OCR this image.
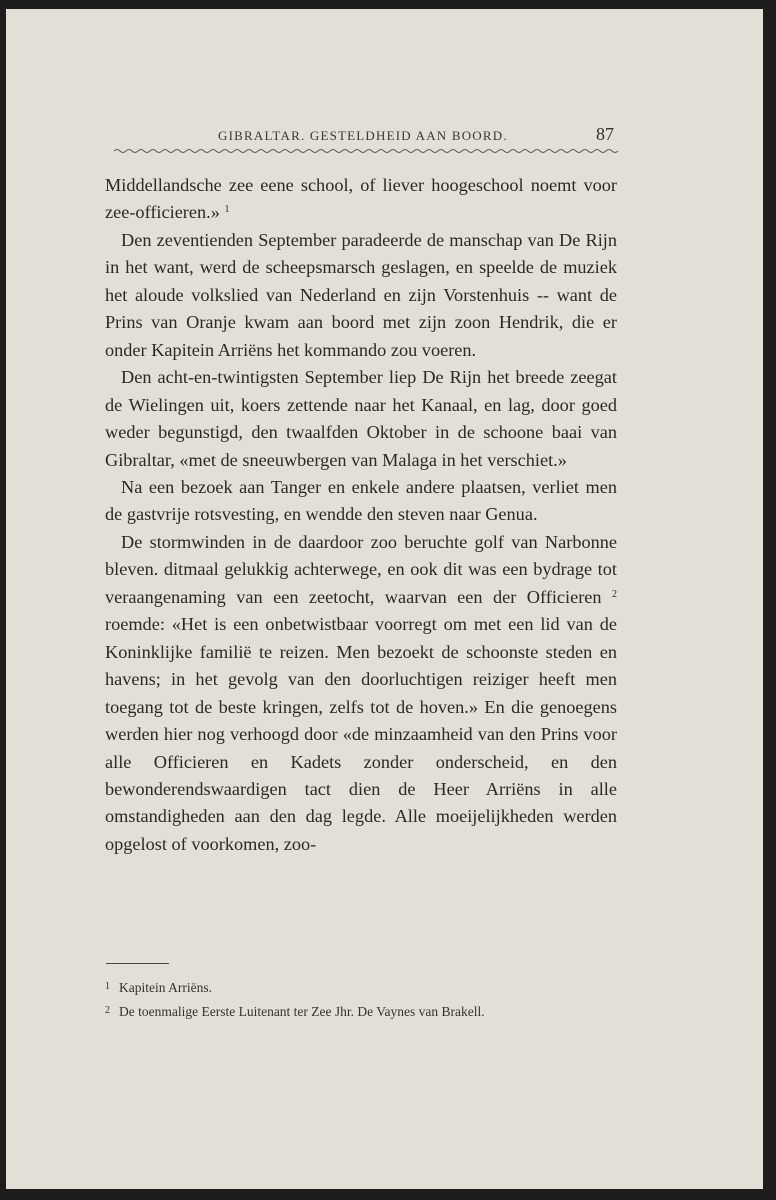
GIBRALTAR. GESTELDHEID AAN BOORD.	87

Middellandsche zee eene school, of liever hoogeschool noemt voor zee-officieren.» $^1$

Den zeventienden September paradeerde de manschap van De Rijn in het want, werd de scheepsmarsch geslagen, en speelde de muziek het aloude volkslied van Nederland en zijn Vorstenhuis -- want de Prins van Oranje kwam aan boord met zijn zoon Hendrik, die er onder Kapitein Arriëns het kommando zou voeren.

Den acht-en-twintigsten September liep De Rijn het breede zeegat de Wielingen uit, koers zettende naar het Kanaal, en lag, door goed weder begunstigd, den twaalfden Oktober in de schoone baai van Gibraltar, «met de sneeuwbergen van Malaga in het verschiet.»

Na een bezoek aan Tanger en enkele andere plaatsen, verliet men de gastvrije rotsvesting, en wendde den steven naar Genua.

De stormwinden in de daardoor zoo beruchte golf van Narbonne bleven. ditmaal gelukkig achterwege, en ook dit was een bydrage tot veraangenaming van een zeetocht, waarvan een der Officieren $^2$ roemde: «Het is een onbetwistbaar voorregt om met een lid van de Koninklijke familië te reizen. Men bezoekt de schoonste steden en havens; in het gevolg van den doorluchtigen reiziger heeft men toegang tot de beste kringen, zelfs tot de hoven.» En die genoegens werden hier nog verhoogd door «de minzaamheid van den Prins voor alle Officieren en Kadets zonder onderscheid, en den bewonderendswaardigen tact dien de Heer Arriëns in alle omstandigheden aan den dag legde. Alle moeijelijkheden werden opgelost of voorkomen, zoo-

1 Kapitein Arriëns.
2 De toenmalige Eerste Luitenant ter Zee Jhr. De Vaynes van Brakell.
